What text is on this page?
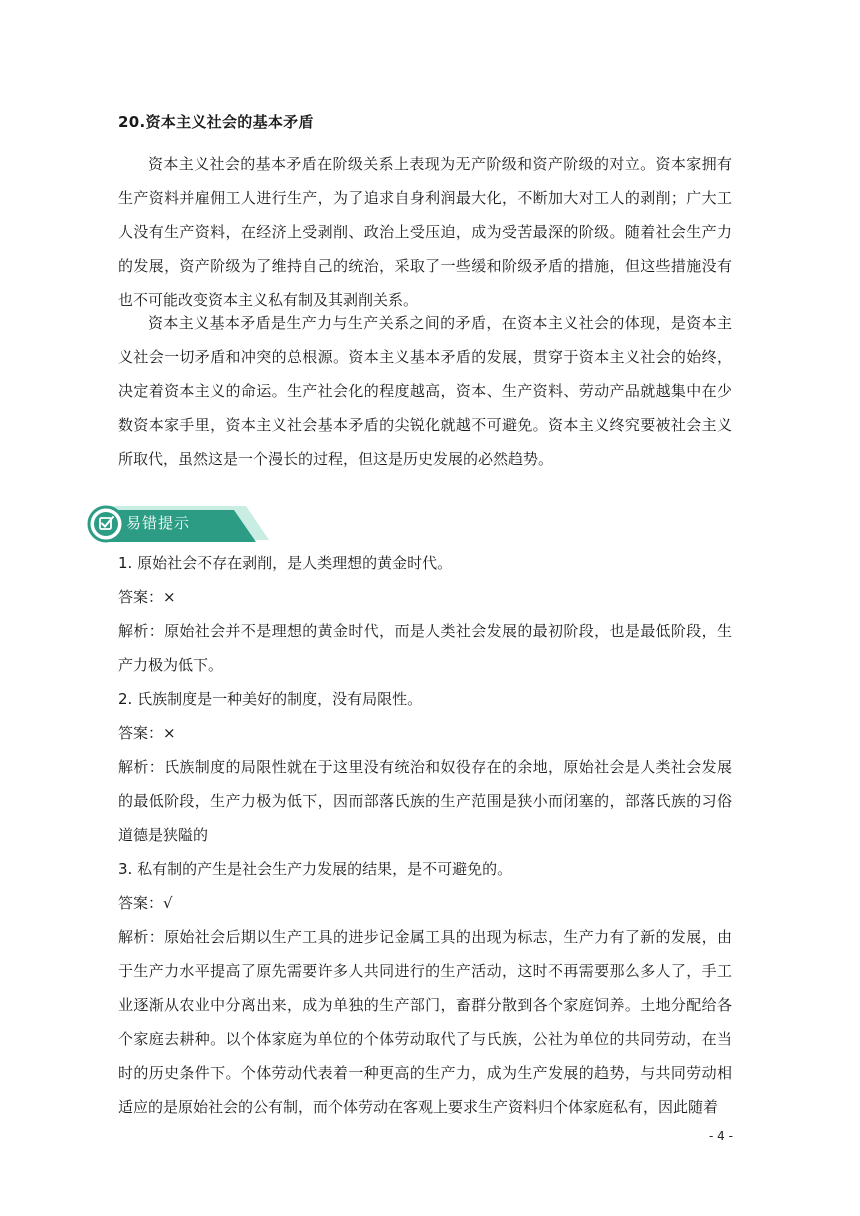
20.资本主义社会的基本矛盾

资本主义社会的基本矛盾在阶级关系上表现为无产阶级和资产阶级的对立。资本家拥有生产资料并雇佣工人进行生产，为了追求自身利润最大化，不断加大对工人的剥削；广大工人没有生产资料，在经济上受剥削、政治上受压迫，成为受苦最深的阶级。随着社会生产力的发展，资产阶级为了维持自己的统治，采取了一些缓和阶级矛盾的措施，但这些措施没有也不可能改变资本主义私有制及其剥削关系。

资本主义基本矛盾是生产力与生产关系之间的矛盾，在资本主义社会的体现，是资本主义社会一切矛盾和冲突的总根源。资本主义基本矛盾的发展，贯穿于资本主义社会的始终，决定着资本主义的命运。生产社会化的程度越高，资本、生产资料、劳动产品就越集中在少数资本家手里，资本主义社会基本矛盾的尖锐化就越不可避免。资本主义终究要被社会主义所取代，虽然这是一个漫长的过程，但这是历史发展的必然趋势。

易错提示

1. 原始社会不存在剥削，是人类理想的黄金时代。

答案：×

解析：原始社会并不是理想的黄金时代，而是人类社会发展的最初阶段，也是最低阶段，生产力极为低下。

2. 氏族制度是一种美好的制度，没有局限性。

答案：×

解析：氏族制度的局限性就在于这里没有统治和奴役存在的余地，原始社会是人类社会发展的最低阶段，生产力极为低下，因而部落氏族的生产范围是狭小而闭塞的，部落氏族的习俗道德是狭隘的

3. 私有制的产生是社会生产力发展的结果，是不可避免的。

答案：√

解析：原始社会后期以生产工具的进步记金属工具的出现为标志，生产力有了新的发展，由于生产力水平提高了原先需要许多人共同进行的生产活动，这时不再需要那么多人了，手工业逐渐从农业中分离出来，成为单独的生产部门，畜群分散到各个家庭饲养。土地分配给各个家庭去耕种。以个体家庭为单位的个体劳动取代了与氏族，公社为单位的共同劳动，在当时的历史条件下。个体劳动代表着一种更高的生产力，成为生产发展的趋势，与共同劳动相适应的是原始社会的公有制，而个体劳动在客观上要求生产资料归个体家庭私有，因此随着

- 4 -
